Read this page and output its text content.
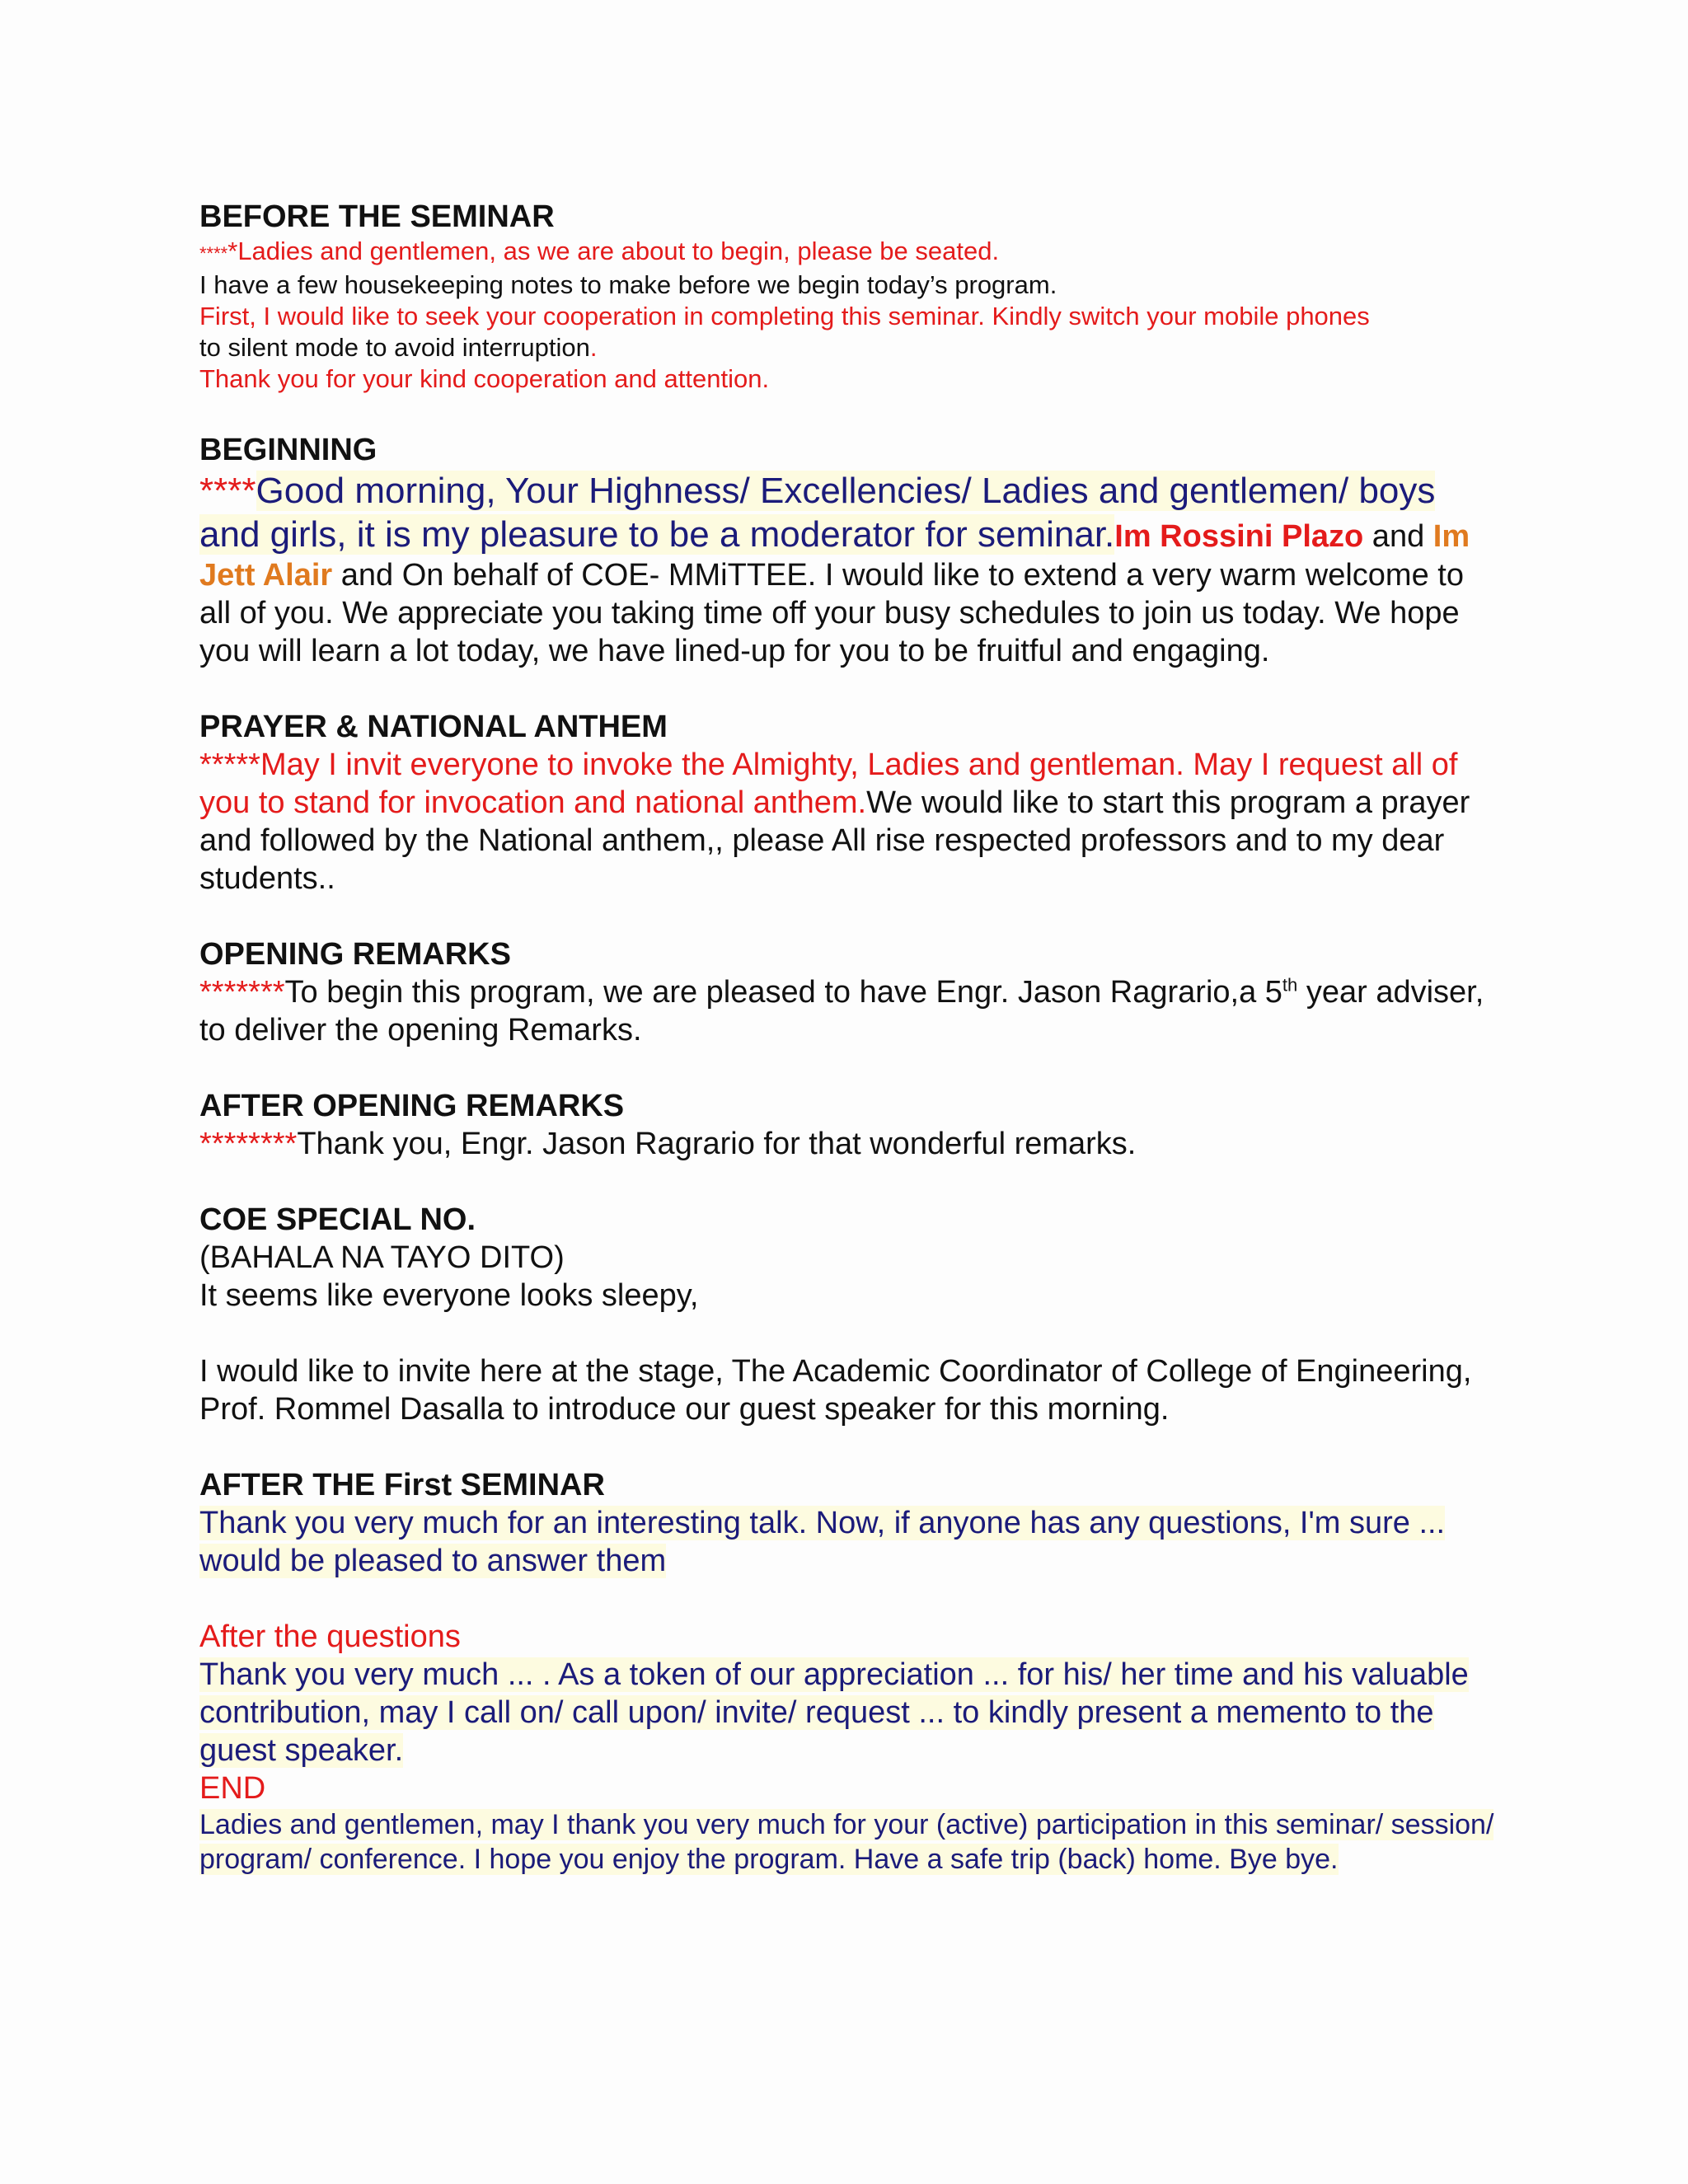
BEFORE THE SEMINAR

*****Ladies and gentlemen, as we are about to begin, please be seated.

I have a few housekeeping notes to make before we begin today’s program.

First, I would like to seek your cooperation in completing this seminar. Kindly switch your mobile phones

to silent mode to avoid interruption.

Thank you for your kind cooperation and attention.

BEGINNING

****Good morning, Your Highness/ Excellencies/ Ladies and gentlemen/ boys and girls, it is my pleasure to be a moderator for seminar.Im Rossini Plazo and Im Jett Alair and On behalf of COE- MMiTTEE. I would like to extend a very warm welcome to all of you. We appreciate you taking time off your busy schedules to join us today. We hope you will learn a lot today, we have lined-up for you to be fruitful and engaging.

PRAYER & NATIONAL ANTHEM

*****May I invit everyone to invoke the Almighty, Ladies and gentleman. May I request all of you to stand for invocation and national anthem.We would like to start this program a prayer and followed by the National anthem,, please All rise respected professors and to my dear students..

OPENING REMARKS

*******To begin this program, we are pleased to have Engr. Jason Ragrario,a 5th year adviser, to deliver the opening Remarks.

AFTER OPENING REMARKS

********Thank you, Engr. Jason Ragrario for that wonderful remarks.

COE SPECIAL NO.

(BAHALA NA TAYO DITO)

It seems like everyone looks sleepy,

I would like to invite here at the stage, The Academic Coordinator of College of Engineering, Prof. Rommel Dasalla to introduce our guest speaker for this morning.

AFTER THE First SEMINAR

Thank you very much for an interesting talk. Now, if anyone has any questions, I'm sure ... would be pleased to answer them

After the questions

Thank you very much ... . As a token of our appreciation ... for his/ her time and his valuable contribution, may I call on/ call upon/ invite/ request ... to kindly present a memento to the guest speaker.

END

Ladies and gentlemen, may I thank you very much for your (active) participation in this seminar/ session/ program/ conference. I hope you enjoy the program. Have a safe trip (back) home. Bye bye.
